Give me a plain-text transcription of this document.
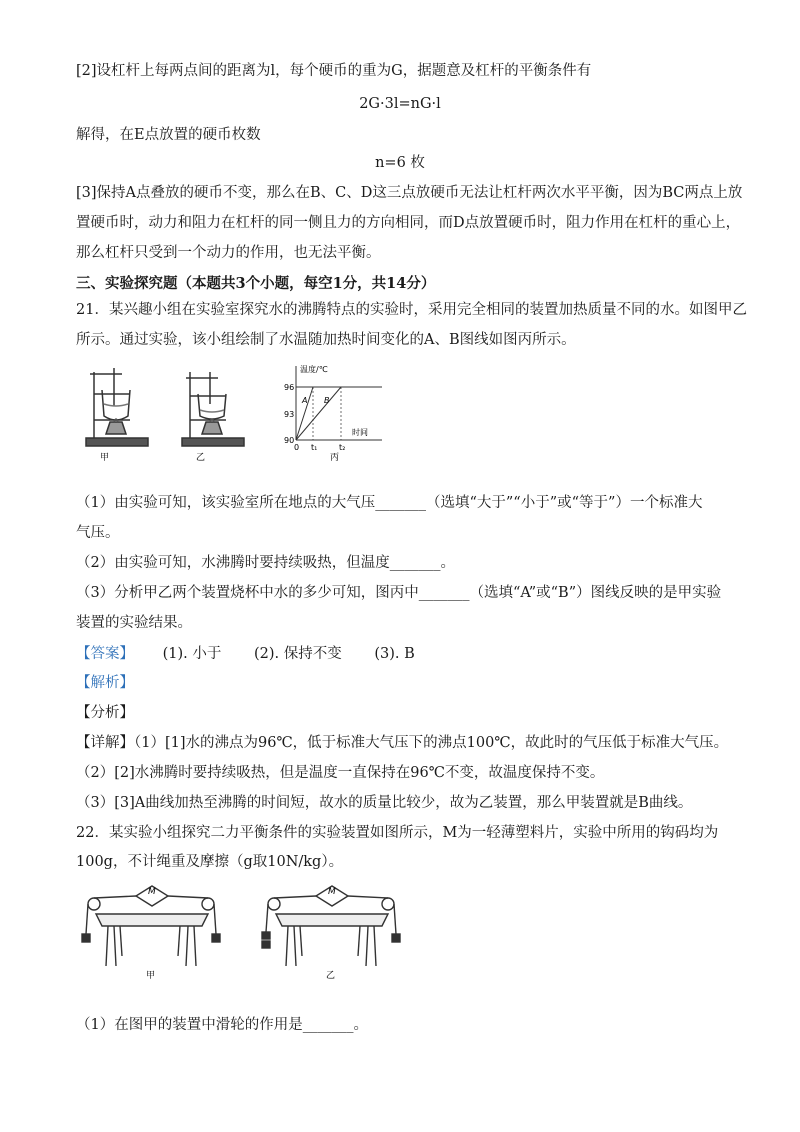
[2]设杠杆上每两点间的距离为l，每个硬币的重为G，据题意及杠杆的平衡条件有
2G·3l=nG·l
解得，在E点放置的硬币枚数
n=6 枚
[3]保持A点叠放的硬币不变，那么在B、C、D这三点放硬币无法让杠杆两次水平平衡，因为BC两点上放
置硬币时，动力和阻力在杠杆的同一侧且力的方向相同，而D点放置硬币时，阻力作用在杠杆的重心上，
那么杠杆只受到一个动力的作用，也无法平衡。
三、实验探究题（本题共3个小题，每空1分，共14分）
21．某兴趣小组在实验室探究水的沸腾特点的实验时，采用完全相同的装置加热质量不同的水。如图甲乙
所示。通过实验，该小组绘制了水温随加热时间变化的A、B图线如图丙所示。
甲	乙
温度/℃
时间
96
93
90
0 t₁	t₂
A B
丙
（1）由实验可知，该实验室所在地点的大气压_______（选填“大于”“小于”或“等于”）一个标准大
气压。
（2）由实验可知，水沸腾时要持续吸热，但温度_______。
（3）分析甲乙两个装置烧杯中水的多少可知，图丙中_______（选填“A”或“B”）图线反映的是甲实验
装置的实验结果。
【答案】 (1). 小于 (2). 保持不变 (3). B
【解析】
【分析】
【详解】（1）[1]水的沸点为96℃，低于标准大气压下的沸点100℃，故此时的气压低于标准大气压。
（2）[2]水沸腾时要持续吸热，但是温度一直保持在96℃不变，故温度保持不变。
（3）[3]A曲线加热至沸腾的时间短，故水的质量比较少，故为乙装置，那么甲装置就是B曲线。
22．某实验小组探究二力平衡条件的实验装置如图所示，M为一轻薄塑料片，实验中所用的钩码均为
100g，不计绳重及摩擦（g取10N/kg）。
M
甲
M
乙
（1）在图甲的装置中滑轮的作用是_______。
